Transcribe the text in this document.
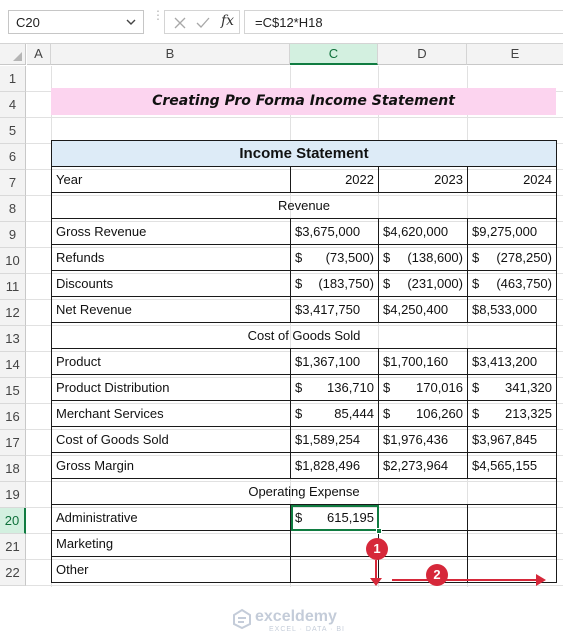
C20	⋮	fx	=C$12*H18
A	B	C	D	E
1
4
5
6
7
8
9
10
11
12
13
14
15
16
17
18
19
20
21
22
Creating Pro Forma Income Statement
Income Statement			
Year	2022	2023	2024
Revenue			
Gross Revenue	$3,675,000	$4,620,000	$9,275,000

Refunds	$ (73,500)	$ (138,600)	$ (278,250)

Discounts	$ (183,750)	$ (231,000)	$ (463,750)

Net Revenue	$3,417,750	$4,250,400	$8,533,000

Cost of Goods Sold			
Product	$1,367,100	$1,700,160	$3,413,200

Product Distribution	$ 136,710	$ 170,016	$ 341,320

Merchant Services	$ 85,444	$ 106,260	$ 213,325

Cost of Goods Sold	$1,589,254	$1,976,436	$3,967,845

Gross Margin	$1,828,496	$2,273,964	$4,565,155

Operating Expense			
Administrative	$ 615,195		

Marketing	

Other	

exceldemy
EXCEL · DATA · BI
1
2
